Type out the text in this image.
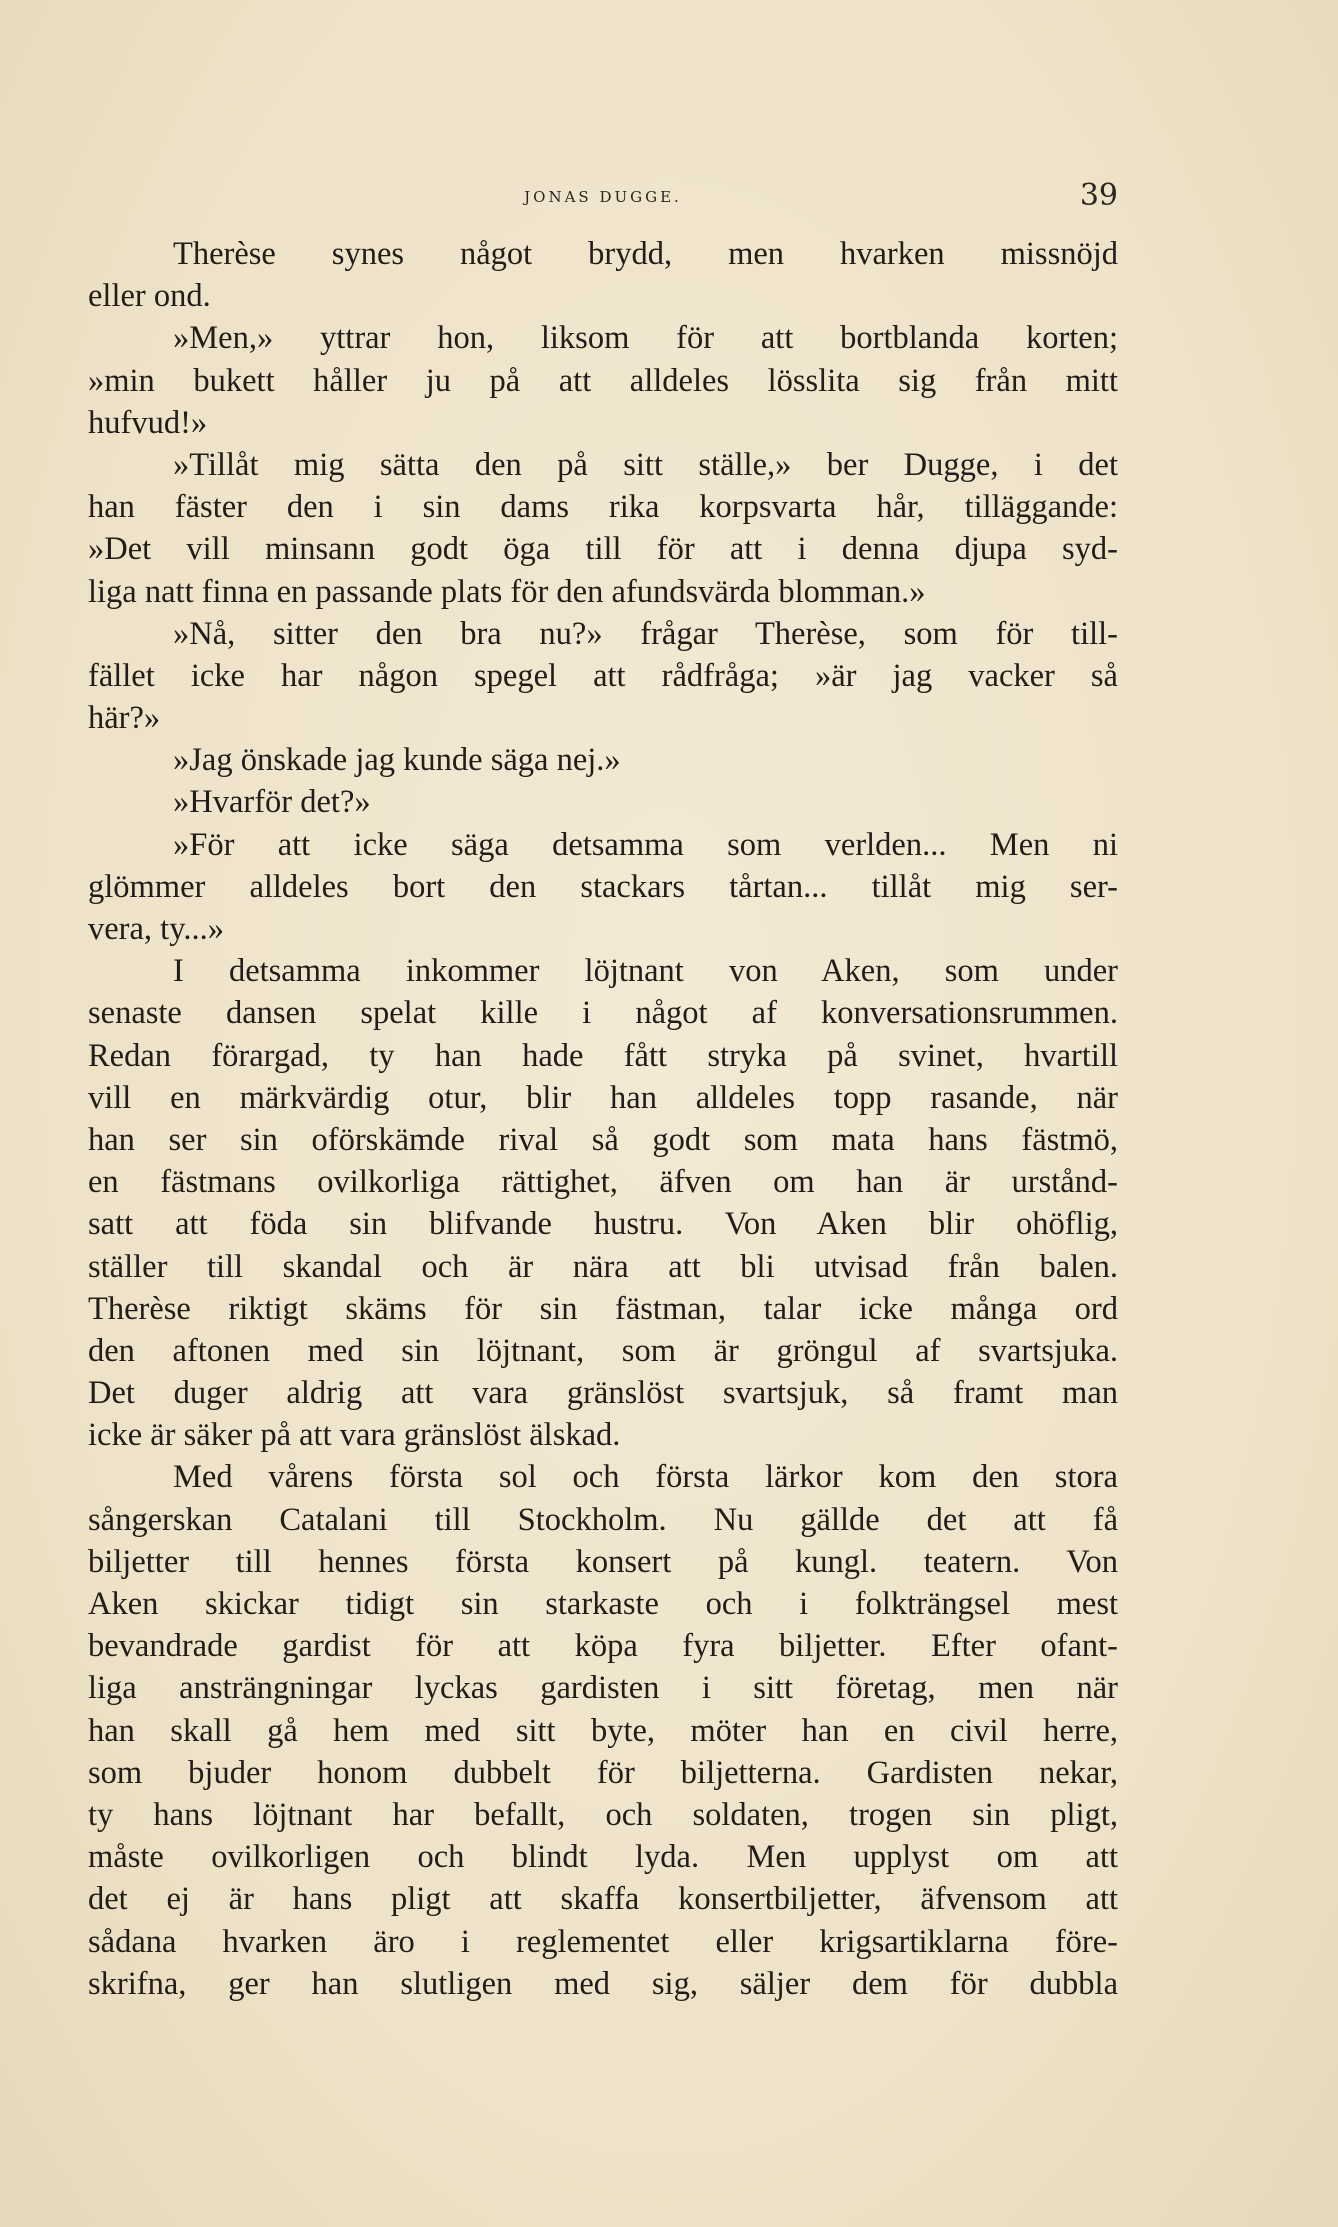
JONAS DUGGE.	39
Therèse synes något brydd, men hvarken missnöjd
eller ond.
»Men,» yttrar hon, liksom för att bortblanda korten;
»min bukett håller ju på att alldeles lösslita sig från mitt
hufvud!»
»Tillåt mig sätta den på sitt ställe,» ber Dugge, i det
han fäster den i sin dams rika korpsvarta hår, tilläggande:
»Det vill minsann godt öga till för att i denna djupa syd-
liga natt finna en passande plats för den afundsvärda blomman.»
»Nå, sitter den bra nu?» frågar Therèse, som för till-
fället icke har någon spegel att rådfråga; »är jag vacker så
här?»
»Jag önskade jag kunde säga nej.»
»Hvarför det?»
»För att icke säga detsamma som verlden... Men ni
glömmer alldeles bort den stackars tårtan... tillåt mig ser-
vera, ty...»
I detsamma inkommer löjtnant von Aken, som under
senaste dansen spelat kille i något af konversationsrummen.
Redan förargad, ty han hade fått stryka på svinet, hvartill
vill en märkvärdig otur, blir han alldeles topp rasande, när
han ser sin oförskämde rival så godt som mata hans fästmö,
en fästmans ovilkorliga rättighet, äfven om han är urstånd-
satt att föda sin blifvande hustru. Von Aken blir ohöflig,
ställer till skandal och är nära att bli utvisad från balen.
Therèse riktigt skäms för sin fästman, talar icke många ord
den aftonen med sin löjtnant, som är gröngul af svartsjuka.
Det duger aldrig att vara gränslöst svartsjuk, så framt man
icke är säker på att vara gränslöst älskad.
Med vårens första sol och första lärkor kom den stora
sångerskan Catalani till Stockholm. Nu gällde det att få
biljetter till hennes första konsert på kungl. teatern. Von
Aken skickar tidigt sin starkaste och i folkträngsel mest
bevandrade gardist för att köpa fyra biljetter. Efter ofant-
liga ansträngningar lyckas gardisten i sitt företag, men när
han skall gå hem med sitt byte, möter han en civil herre,
som bjuder honom dubbelt för biljetterna. Gardisten nekar,
ty hans löjtnant har befallt, och soldaten, trogen sin pligt,
måste ovilkorligen och blindt lyda. Men upplyst om att
det ej är hans pligt att skaffa konsertbiljetter, äfvensom att
sådana hvarken äro i reglementet eller krigsartiklarna före-
skrifna, ger han slutligen med sig, säljer dem för dubbla
